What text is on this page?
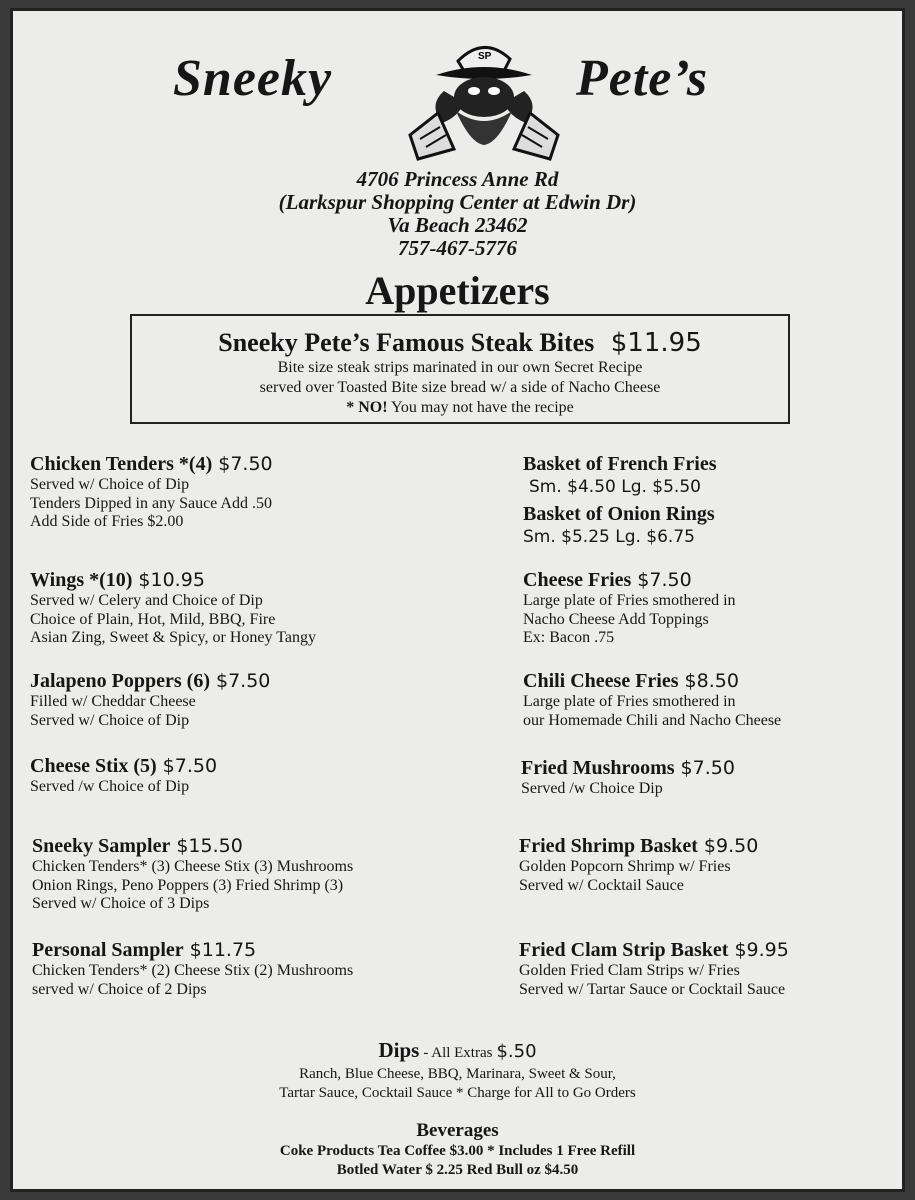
Sneeky	SP Pete’s
4706 Princess Anne Rd
(Larkspur Shopping Center at Edwin Dr)
Va Beach 23462
757-467-5776
Appetizers
Sneeky Pete’s Famous Steak Bites $11.95
Bite size steak strips marinated in our own Secret Recipe
served over Toasted Bite size bread w/ a side of Nacho Cheese
* NO! You may not have the recipe
Chicken Tenders *(4) $7.50
Served w/ Choice of Dip
Tenders Dipped in any Sauce Add .50
Add Side of Fries $2.00
Wings *(10) $10.95
Served w/ Celery and Choice of Dip
Choice of Plain, Hot, Mild, BBQ, Fire
Asian Zing, Sweet & Spicy, or Honey Tangy
Jalapeno Poppers (6) $7.50
Filled w/ Cheddar Cheese
Served w/ Choice of Dip
Cheese Stix (5) $7.50
Served /w Choice of Dip
Sneeky Sampler $15.50
Chicken Tenders* (3) Cheese Stix (3) Mushrooms
Onion Rings, Peno Poppers (3) Fried Shrimp (3)
Served w/ Choice of 3 Dips
Personal Sampler $11.75
Chicken Tenders* (2) Cheese Stix (2) Mushrooms
served w/ Choice of 2 Dips
Basket of French Fries
Sm. $4.50 Lg. $5.50
Basket of Onion Rings
Sm. $5.25 Lg. $6.75
Cheese Fries $7.50
Large plate of Fries smothered in
Nacho Cheese Add Toppings
Ex: Bacon .75
Chili Cheese Fries $8.50
Large plate of Fries smothered in
our Homemade Chili and Nacho Cheese
Fried Mushrooms $7.50
Served /w Choice Dip
Fried Shrimp Basket $9.50
Golden Popcorn Shrimp w/ Fries
Served w/ Cocktail Sauce
Fried Clam Strip Basket $9.95
Golden Fried Clam Strips w/ Fries
Served w/ Tartar Sauce or Cocktail Sauce
Dips - All Extras $.50
Ranch, Blue Cheese, BBQ, Marinara, Sweet & Sour,
Tartar Sauce, Cocktail Sauce * Charge for All to Go Orders
Beverages
Coke Products Tea Coffee $3.00 * Includes 1 Free Refill
Botled Water $ 2.25 Red Bull oz $4.50
